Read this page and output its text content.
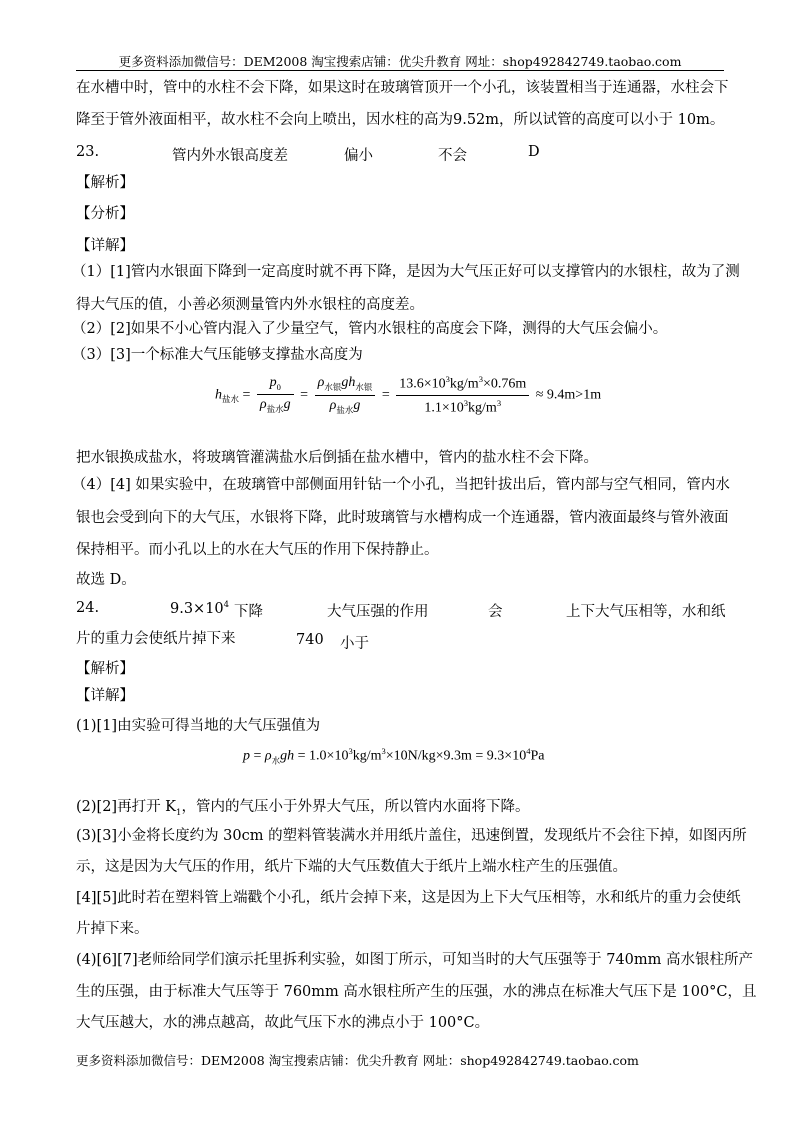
更多资料添加微信号：DEM2008 淘宝搜索店铺：优尖升教育 网址：shop492842749.taobao.com
在水槽中时，管中的水柱不会下降，如果这时在玻璃管顶开一个小孔，该装置相当于连通器，水柱会下
降至于管外液面相平，故水柱不会向上喷出，因水柱的高为9.52m，所以试管的高度可以小于 10m。
23.	管内外水银高度差	偏小	不会	D
【解析】
【分析】
【详解】
（1）[1]管内水银面下降到一定高度时就不再下降，是因为大气压正好可以支撑管内的水银柱，故为了测
得大气压的值，小善必须测量管内外水银柱的高度差。
（2）[2]如果不小心管内混入了少量空气，管内水银柱的高度会下降，测得的大气压会偏小。
（3）[3]一个标准大气压能够支撑盐水高度为
$h_{盐水} = \frac{p_0}{\rho_{盐水}g} = \frac{\rho_{水银}gh_{水银}}{\rho_{盐水}g} = \frac{13.6\times 10^3kg/m^3\times 0.76m}{1.1\times 10^3kg/m^3} \approx 9.4m>1m$
把水银换成盐水，将玻璃管灌满盐水后倒插在盐水槽中，管内的盐水柱不会下降。
（4）[4] 如果实验中，在玻璃管中部侧面用针钻一个小孔，当把针拔出后，管内部与空气相同，管内水
银也会受到向下的大气压，水银将下降，此时玻璃管与水槽构成一个连通器，管内液面最终与管外液面
保持相平。而小孔以上的水在大气压的作用下保持静止。
故选 D。
24.	$9.3\times 10^4$ 下降	大气压强的作用	会	上下大气压相等，水和纸
片的重力会使纸片掉下来	740 小于
【解析】
【详解】
(1)[1]由实验可得当地的大气压强值为
$p = \rho_水gh = 1.0\times 10^3kg/m^3\times 10N/kg\times 9.3m = 9.3\times 10^4Pa$
(2)[2]再打开 $K_1$，管内的气压小于外界大气压，所以管内水面将下降。
(3)[3]小金将长度约为 30cm 的塑料管装满水并用纸片盖住，迅速倒置，发现纸片不会往下掉，如图丙所
示，这是因为大气压的作用，纸片下端的大气压数值大于纸片上端水柱产生的压强值。
[4][5]此时若在塑料管上端戳个小孔，纸片会掉下来，这是因为上下大气压相等，水和纸片的重力会使纸
片掉下来。
(4)[6][7]老师给同学们演示托里拆利实验，如图丁所示，可知当时的大气压强等于 740mm 高水银柱所产
生的压强，由于标准大气压等于 760mm 高水银柱所产生的压强，水的沸点在标准大气压下是 100°C，且
大气压越大，水的沸点越高，故此气压下水的沸点小于 100°C。
更多资料添加微信号：DEM2008 淘宝搜索店铺：优尖升教育 网址：shop492842749.taobao.com
